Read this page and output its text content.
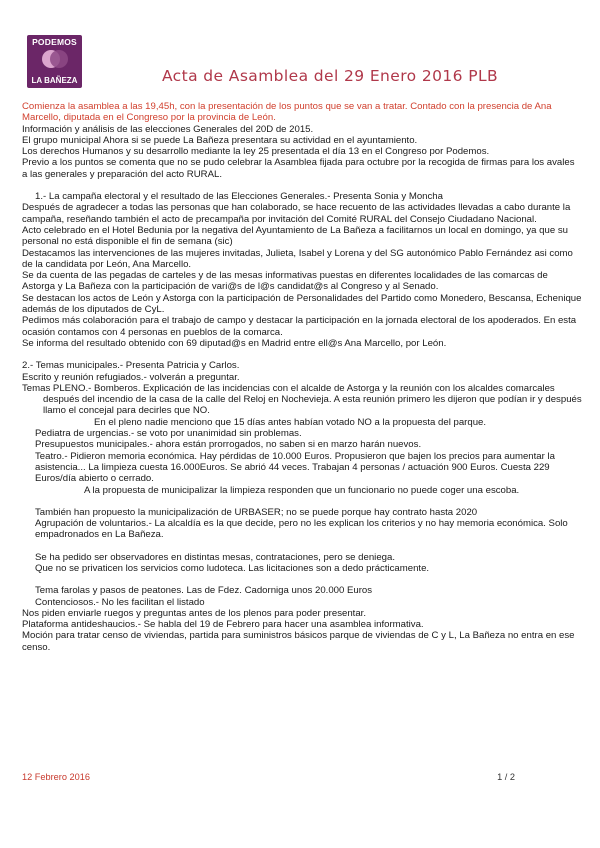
PODEMOS
LA BAÑEZA	Acta de Asamblea del 29 Enero 2016 PLB

Comienza la asamblea a las 19,45h, con la presentación de los puntos que se van a tratar. Contado con la presencia de Ana Marcello, diputada en el Congreso por la provincia de León.

Información y análisis de las elecciones Generales del 20D de 2015.

El grupo municipal Ahora si se puede La Bañeza presentara su actividad en el ayuntamiento.

Los derechos Humanos y su desarrollo mediante la ley 25 presentada el día 13 en el Congreso por Podemos.

Previo a los puntos se comenta que no se pudo celebrar la Asamblea fijada para octubre por la recogida de firmas para los avales a las generales y preparación del acto RURAL.

1.- La campaña electoral y el resultado de las Elecciones Generales.- Presenta Sonia y Moncha

Después de agradecer a todas las personas que han colaborado, se hace recuento de las actividades llevadas a cabo durante la campaña, reseñando también el acto de precampaña por invitación del Comité RURAL del Consejo Ciudadano Nacional.

Acto celebrado en el Hotel Bedunia por la negativa del Ayuntamiento de La Bañeza a facilitarnos un local en domingo, ya que su personal no está disponible el fin de semana (sic)

Destacamos las intervenciones de las mujeres invitadas, Julieta, Isabel y Lorena y del SG autonómico Pablo Fernández asi como de la candidata por León, Ana Marcello.

Se da cuenta de las pegadas de carteles y de las mesas informativas puestas en diferentes localidades de las comarcas de Astorga y La Bañeza con la participación de vari@s de l@s candidat@s al Congreso y al Senado.

Se destacan los actos de León y Astorga con la participación de Personalidades del Partido como Monedero, Bescansa, Echenique además de los diputados de CyL.

Pedimos más colaboración para el trabajo de campo y destacar la participación en la jornada electoral de los apoderados. En esta ocasión contamos con 4 personas en pueblos de la comarca.

Se informa del resultado obtenido con 69 diputad@s en Madrid entre ell@s Ana Marcello, por León.

2.- Temas municipales.- Presenta Patricia y Carlos.

Escrito y reunión refugiados.- volverán a preguntar.

Temas PLENO.- Bomberos. Explicación de las incidencias con el alcalde de Astorga y la reunión con los alcaldes comarcales después del incendio de la casa de la calle del Reloj en Nochevieja. A esta reunión primero les dijeron que podían ir y después llamo el concejal para decirles que NO.

En el pleno nadie menciono que 15 días antes habían votado NO a la propuesta del parque.

Pediatra de urgencias.- se voto por unanimidad sin problemas.

Presupuestos municipales.- ahora están prorrogados, no saben si en marzo harán nuevos.

Teatro.- Pidieron memoria económica. Hay pérdidas de 10.000 Euros. Propusieron que bajen los precios para aumentar la asistencia... La limpieza cuesta 16.000Euros. Se abrió 44 veces. Trabajan 4 personas / actuación 900 Euros. Cuesta 229 Euros/día abierto o cerrado.

A la propuesta de municipalizar la limpieza responden que un funcionario no puede coger una escoba.

También han propuesto la municipalización de URBASER; no se puede porque hay contrato hasta 2020

Agrupación de voluntarios.- La alcaldía es la que decide, pero no les explican los criterios y no hay memoria económica. Solo empadronados en La Bañeza.

Se ha pedido ser observadores en distintas mesas, contrataciones, pero se deniega.

Que no se privaticen los servicios como ludoteca. Las licitaciones son a dedo prácticamente.

Tema farolas y pasos de peatones. Las de Fdez. Cadorniga unos 20.000 Euros

Contenciosos.- No les facilitan el listado

Nos piden enviarle ruegos y preguntas antes de los plenos para poder presentar.

Plataforma antideshaucios.- Se habla del 19 de Febrero para hacer una asamblea informativa.

Moción para tratar censo de viviendas, partida para suministros básicos parque de viviendas de C y L, La Bañeza no entra en ese censo.

12 Febrero 2016	1 / 2
